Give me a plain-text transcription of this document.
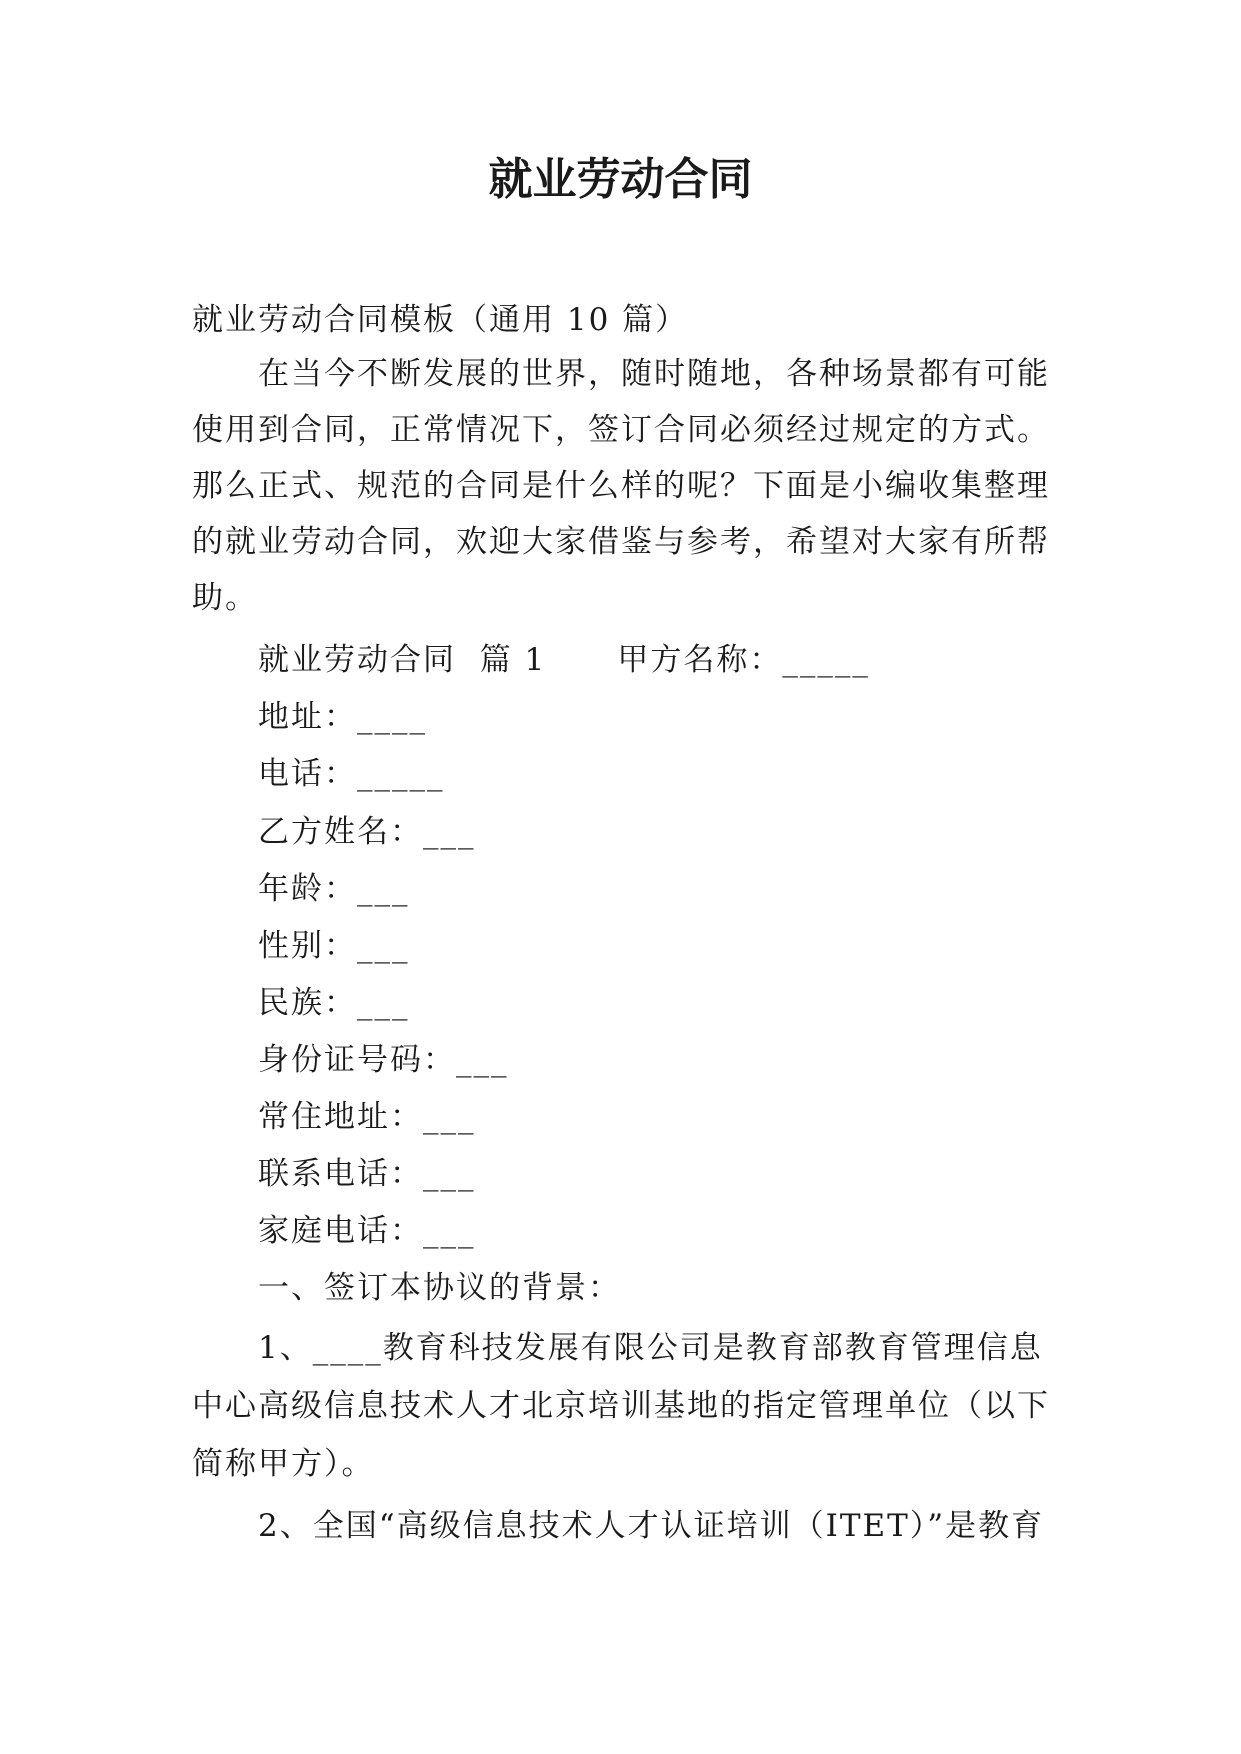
就业劳动合同
就业劳动合同模板（通用 10 篇）
在当今不断发展的世界，随时随地，各种场景都有可能
使用到合同，正常情况下，签订合同必须经过规定的方式。
那么正式、规范的合同是什么样的呢？下面是小编收集整理
的就业劳动合同，欢迎大家借鉴与参考，希望对大家有所帮
助。
就业劳动合同  篇 1      甲方名称：_____
地址：____
电话：_____
乙方姓名：___
年龄：___
性别：___
民族：___
身份证号码：___
常住地址：___
联系电话：___
家庭电话：___
一、签订本协议的背景：
1、____教育科技发展有限公司是教育部教育管理信息
中心高级信息技术人才北京培训基地的指定管理单位（以下
简称甲方）。
2、全国“高级信息技术人才认证培训（ITET）”是教育
